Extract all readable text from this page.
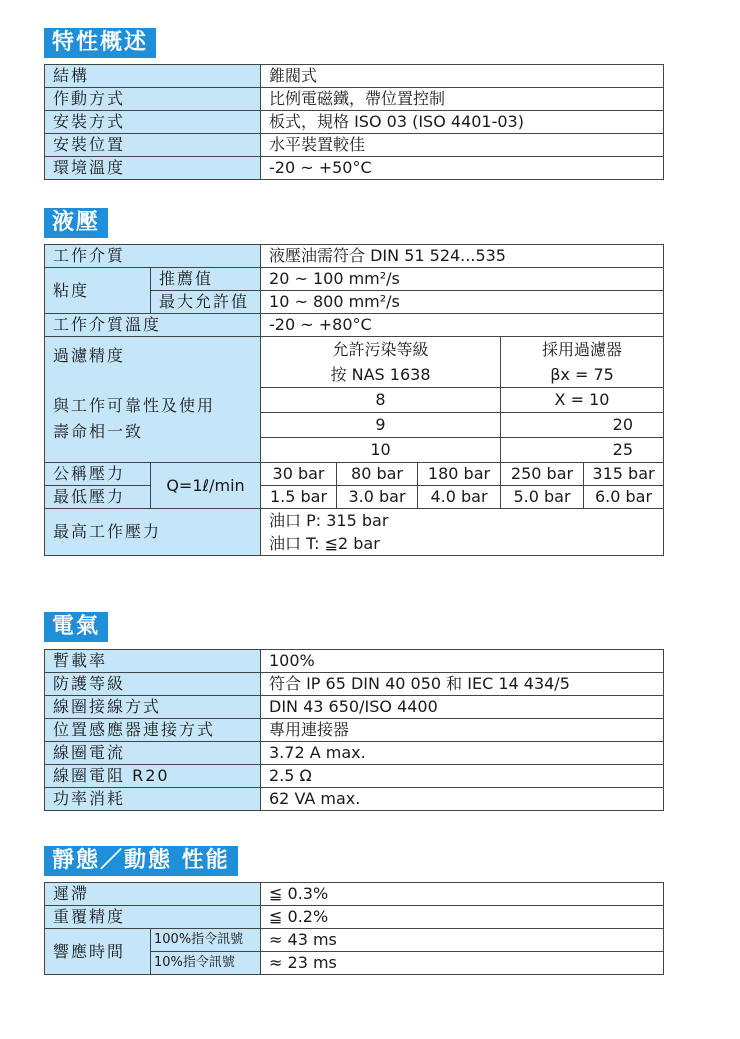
特性概述
結構	錐閥式
作動方式	比例電磁鐵，帶位置控制
安裝方式	板式，規格 ISO 03 (ISO 4401-03)
安裝位置	水平裝置較佳
環境溫度	-20 ~ +50°C
液壓
工作介質		液壓油需符合 DIN 51 524...535				
粘度	推薦值	20 ~ 100 mm²/s				
	最大允許值	10 ~ 800 mm²/s				
工作介質溫度		-20 ~ +80°C				

過濾精度
與工作可靠性及使用
壽命相一致		允許污染等級			採用過濾器	
		按 NAS 1638			βx = 75	
		8			X = 10	
		9			20	
		10			25	
公稱壓力	Q=1ℓ/min	30 bar	80 bar	180 bar	250 bar	315 bar
最低壓力		1.5 bar	3.0 bar	4.0 bar	5.0 bar	6.0 bar
最高工作壓力		油口 P: 315 bar
油口 T: ≦2 bar				
電氣
暫載率	100%
防護等級	符合 IP 65 DIN 40 050 和 IEC 14 434/5
線圈接線方式	DIN 43 650/ISO 4400
位置感應器連接方式	專用連接器
線圈電流	3.72 A max.
線圈電阻 R20	2.5 Ω
功率消耗	62 VA max.
靜態／動態 性能
遲滯		≦ 0.3%
重覆精度		≦ 0.2%
響應時間	100%指令訊號	≈ 43 ms
	10%指令訊號	≈ 23 ms
